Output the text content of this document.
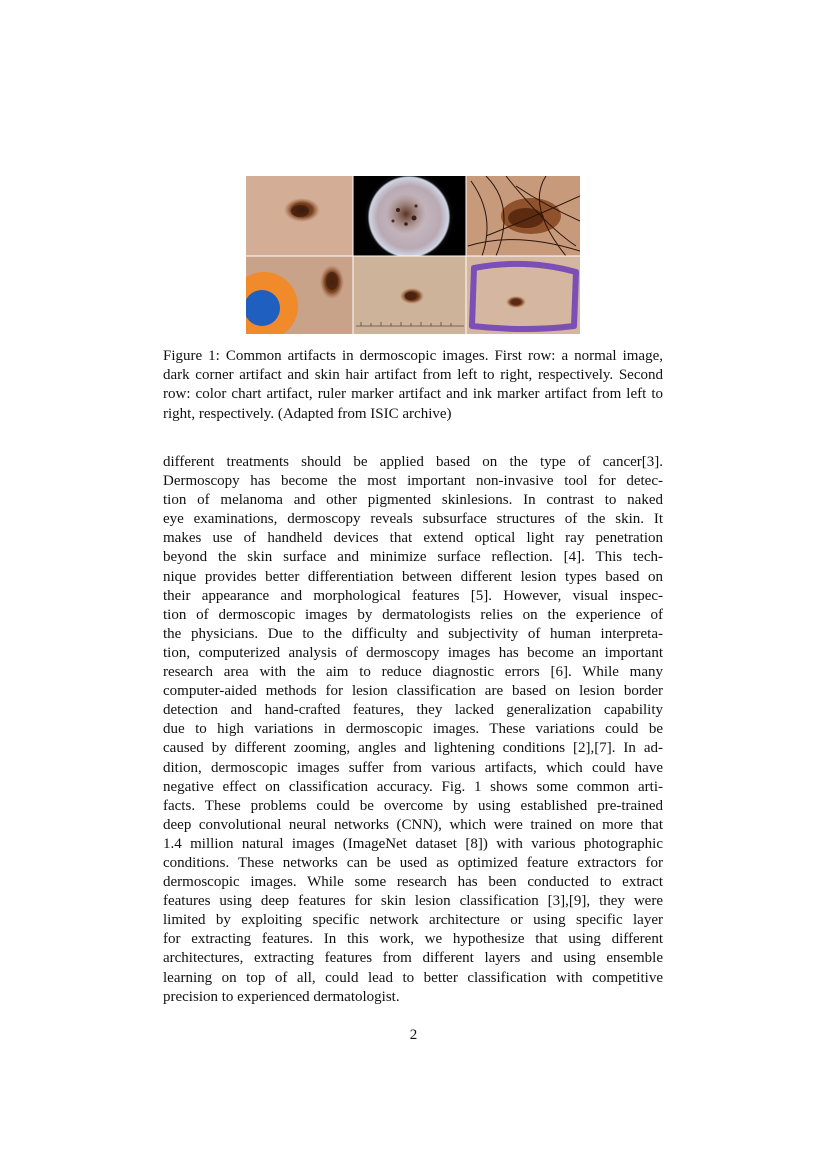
Figure 1: Common artifacts in dermoscopic images. First row: a normal image, dark corner artifact and skin hair artifact from left to right, respectively. Second row: color chart artifact, ruler marker artifact and ink marker artifact from left to right, respectively. (Adapted from ISIC archive)
different treatments should be applied based on the type of cancer[3].
Dermoscopy has become the most important non-invasive tool for detec-
tion of melanoma and other pigmented skinlesions. In contrast to naked
eye examinations, dermoscopy reveals subsurface structures of the skin. It
makes use of handheld devices that extend optical light ray penetration
beyond the skin surface and minimize surface reflection. [4]. This tech-
nique provides better differentiation between different lesion types based on
their appearance and morphological features [5]. However, visual inspec-
tion of dermoscopic images by dermatologists relies on the experience of
the physicians. Due to the difficulty and subjectivity of human interpreta-
tion, computerized analysis of dermoscopy images has become an important
research area with the aim to reduce diagnostic errors [6]. While many
computer-aided methods for lesion classification are based on lesion border
detection and hand-crafted features, they lacked generalization capability
due to high variations in dermoscopic images. These variations could be
caused by different zooming, angles and lightening conditions [2],[7]. In ad-
dition, dermoscopic images suffer from various artifacts, which could have
negative effect on classification accuracy. Fig. 1 shows some common arti-
facts. These problems could be overcome by using established pre-trained
deep convolutional neural networks (CNN), which were trained on more that
1.4 million natural images (ImageNet dataset [8]) with various photographic
conditions. These networks can be used as optimized feature extractors for
dermoscopic images. While some research has been conducted to extract
features using deep features for skin lesion classification [3],[9], they were
limited by exploiting specific network architecture or using specific layer
for extracting features. In this work, we hypothesize that using different
architectures, extracting features from different layers and using ensemble
learning on top of all, could lead to better classification with competitive
precision to experienced dermatologist.
2
